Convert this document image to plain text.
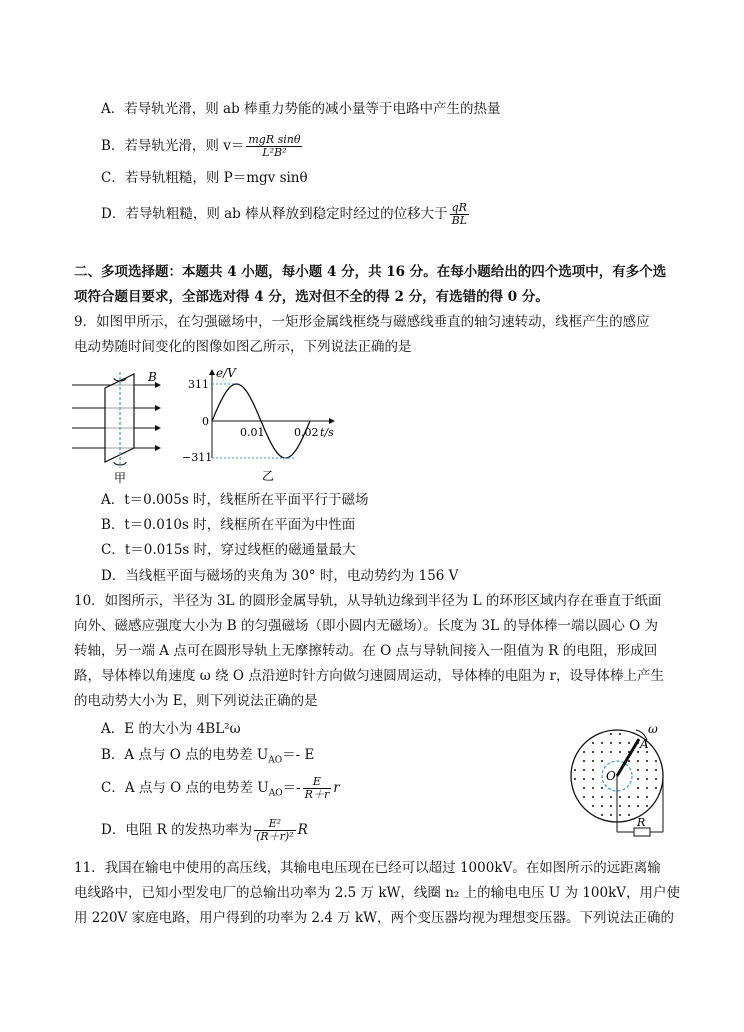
A．若导轨光滑，则 ab 棒重力势能的减小量等于电路中产生的热量
B．若导轨光滑，则 $v= \frac{\text{mgR sinθ}}{\text{L²B²}}$
C．若导轨粗糙，则 P＝mgv sinθ
D．若导轨粗糙，则 ab 棒从释放到稳定时经过的位移大于 $\frac{qR}{BL}$
二、多项选择题：本题共 4 小题，每小题 4 分，共 16 分。在每小题给出的四个选项中，有多个选
项符合题目要求，全部选对得 4 分，选对但不全的得 2 分，有选错的得 0 分。
9．如图甲所示，在匀强磁场中，一矩形金属线框绕与磁感线垂直的轴匀速转动，线框产生的感应
电动势随时间变化的图像如图乙所示，下列说法正确的是
B
甲
e/V
311
0
−311
0.01	0.02 t/s
乙
A．t＝0.005s 时，线框所在平面平行于磁场
B．t＝0.010s 时，线框所在平面为中性面
C．t＝0.015s 时，穿过线框的磁通量最大
D．当线框平面与磁场的夹角为 30° 时，电动势约为 156 V
10．如图所示，半径为 3L 的圆形金属导轨，从导轨边缘到半径为 L 的环形区域内存在垂直于纸面
向外、磁感应强度大小为 B 的匀强磁场（即小圆内无磁场）。长度为 3L 的导体棒一端以圆心 O 为
转轴，另一端 A 点可在圆形导轨上无摩擦转动。在 O 点与导轨间接入一阻值为 R 的电阻，形成回
路，导体棒以角速度 ω 绕 O 点沿逆时针方向做匀速圆周运动，导体棒的电阻为 r，设导体棒上产生
的电动势大小为 E，则下列说法正确的是
A．E 的大小为 4BL²ω
B．A 点与 O 点的电势差 $U_{AO}=-$ E
C．A 点与 O 点的电势差 $U_{AO}=- \frac{E}{R+r}$ r
D．电阻 R 的发热功率为 $\frac{\text{E²}}{\text{(R＋r)²}}$ R
ω
A
O
R
11．我国在输电中使用的高压线，其输电电压现在已经可以超过 1000kV。在如图所示的远距离输
电线路中，已知小型发电厂的总输出功率为 2.5 万 kW，线圈 n₂ 上的输电电压 U 为 100kV，用户使
用 220V 家庭电路，用户得到的功率为 2.4 万 kW，两个变压器均视为理想变压器。下列说法正确的
